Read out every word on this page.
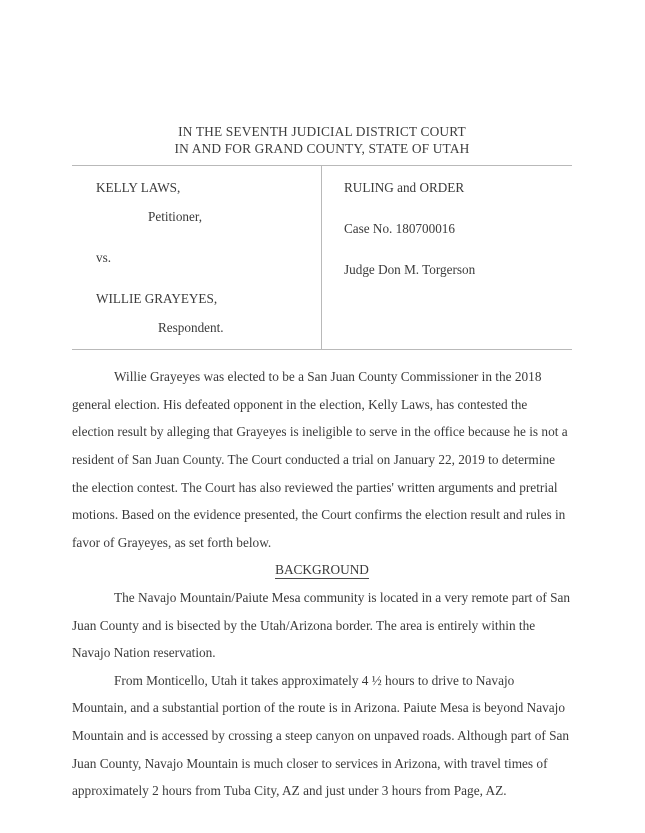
IN THE SEVENTH JUDICIAL DISTRICT COURT
IN AND FOR GRAND COUNTY, STATE OF UTAH

KELLY LAWS,

Petitioner,

vs.

WILLIE GRAYEYES,

Respondent.

RULING and ORDER

Case No. 180700016

Judge Don M. Torgerson

Willie Grayeyes was elected to be a San Juan County Commissioner in the 2018 general election. His defeated opponent in the election, Kelly Laws, has contested the election result by alleging that Grayeyes is ineligible to serve in the office because he is not a resident of San Juan County. The Court conducted a trial on January 22, 2019 to determine the election contest. The Court has also reviewed the parties' written arguments and pretrial motions. Based on the evidence presented, the Court confirms the election result and rules in favor of Grayeyes, as set forth below.

BACKGROUND

The Navajo Mountain/Paiute Mesa community is located in a very remote part of San Juan County and is bisected by the Utah/Arizona border. The area is entirely within the Navajo Nation reservation.

From Monticello, Utah it takes approximately 4 ½ hours to drive to Navajo Mountain, and a substantial portion of the route is in Arizona. Paiute Mesa is beyond Navajo Mountain and is accessed by crossing a steep canyon on unpaved roads. Although part of San Juan County, Navajo Mountain is much closer to services in Arizona, with travel times of approximately 2 hours from Tuba City, AZ and just under 3 hours from Page, AZ.
